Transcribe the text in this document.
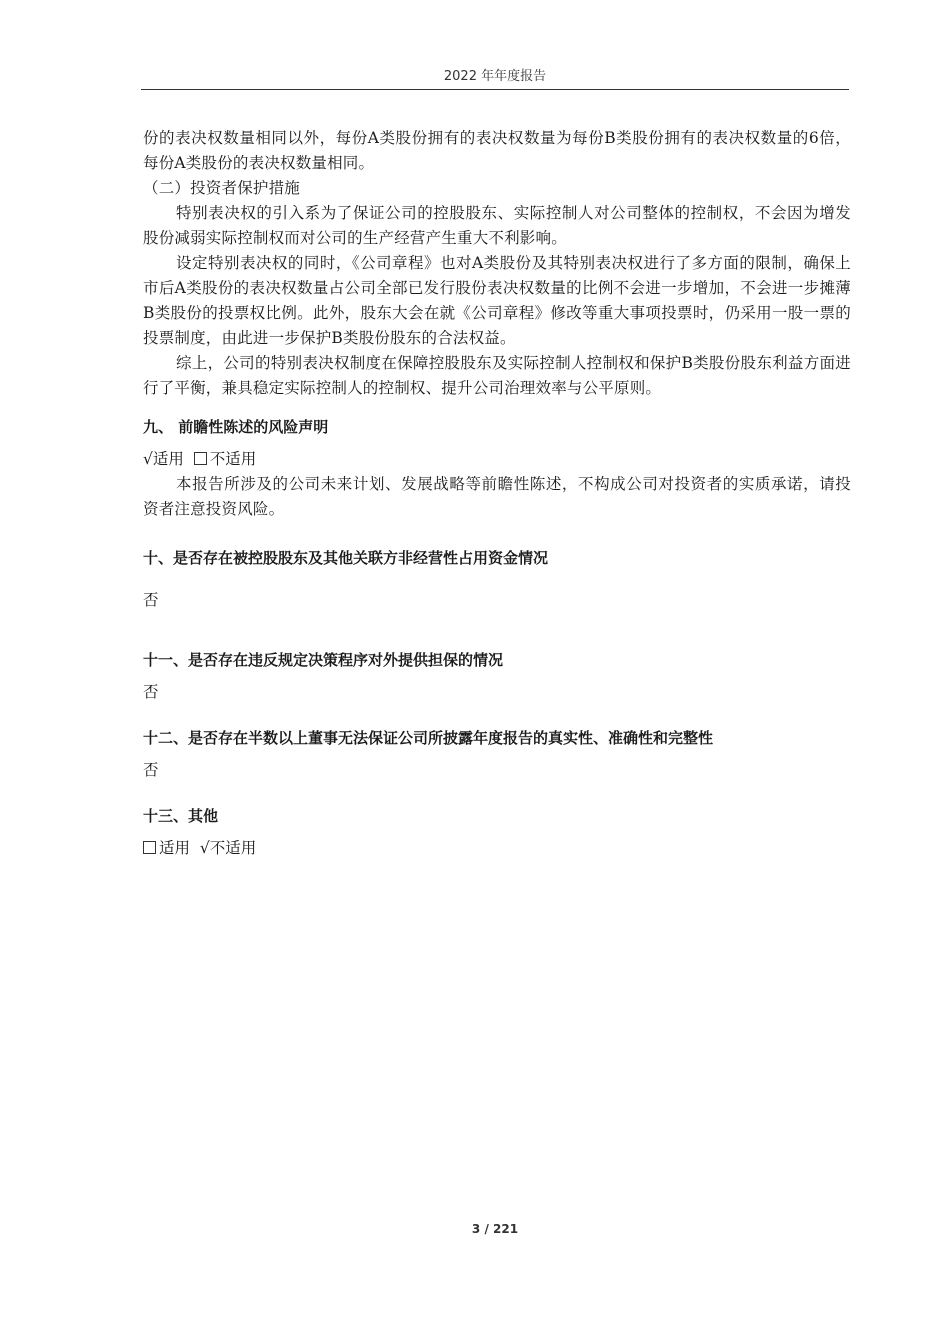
2022 年年度报告

份的表决权数量相同以外，每份A类股份拥有的表决权数量为每份B类股份拥有的表决权数量的6倍，每份A类股份的表决权数量相同。

（二）投资者保护措施

特别表决权的引入系为了保证公司的控股股东、实际控制人对公司整体的控制权，不会因为增发股份减弱实际控制权而对公司的生产经营产生重大不利影响。

设定特别表决权的同时，《公司章程》也对A类股份及其特别表决权进行了多方面的限制，确保上市后A类股份的表决权数量占公司全部已发行股份表决权数量的比例不会进一步增加，不会进一步摊薄B类股份的投票权比例。此外，股东大会在就《公司章程》修改等重大事项投票时，仍采用一股一票的投票制度，由此进一步保护B类股份股东的合法权益。

综上，公司的特别表决权制度在保障控股股东及实际控制人控制权和保护B类股份股东利益方面进行了平衡，兼具稳定实际控制人的控制权、提升公司治理效率与公平原则。

九、 前瞻性陈述的风险声明

√适用 不适用

本报告所涉及的公司未来计划、发展战略等前瞻性陈述，不构成公司对投资者的实质承诺，请投资者注意投资风险。

十、是否存在被控股股东及其他关联方非经营性占用资金情况

否

十一、是否存在违反规定决策程序对外提供担保的情况

否

十二、是否存在半数以上董事无法保证公司所披露年度报告的真实性、准确性和完整性

否

十三、其他

适用 √不适用

3 / 221
